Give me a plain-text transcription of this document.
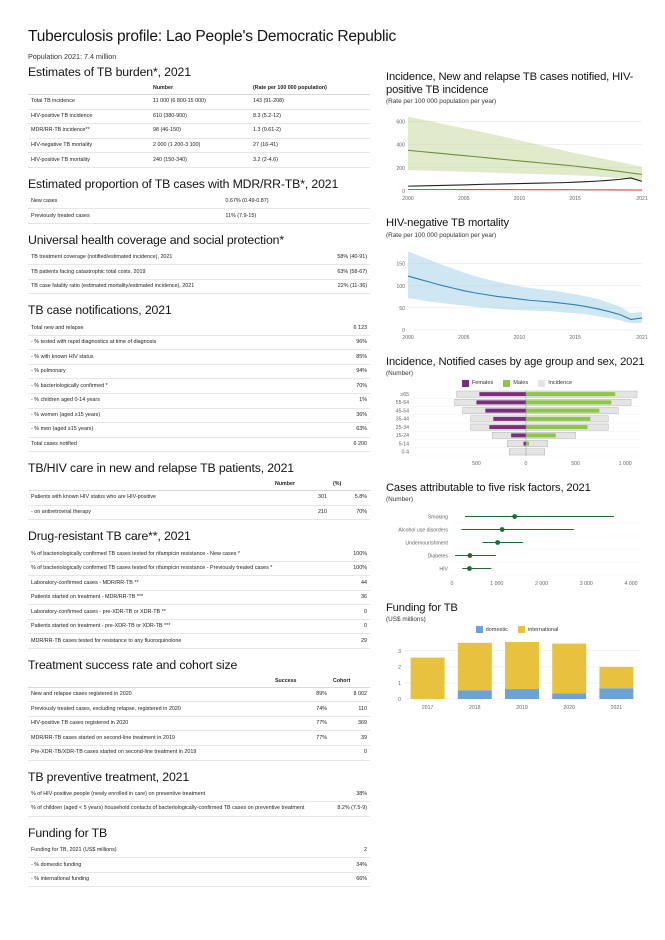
Tuberculosis profile: Lao People's Democratic Republic
Population 2021: 7.4 million
Estimates of TB burden*, 2021
	Number	(Rate per 100 000 population)
Total TB incidence	11 000 (6 800-15 000)	143 (91-208)
HIV-positive TB incidence	610 (380-900)	8.3 (5.2-12)
MDR/RR-TB incidence**	98 (46-150)	1.3 (0.61-2)
HIV-negative TB mortality	2 000 (1 200-3 100)	27 (16-41)
HIV-positive TB mortality	240 (150-340)	3.2 (2-4.6)
Estimated proportion of TB cases with MDR/RR-TB*, 2021
New cases	0.67% (0.49-0.87)
Previously treated cases	11% (7.9-15)
Universal health coverage and social protection*
TB treatment coverage (notified/estimated incidence), 2021	58% (40-91)
TB patients facing catastrophic total costs, 2019	63% (58-67)
TB case fatality ratio (estimated mortality/estimated incidence), 2021	22% (11-36)
TB case notifications, 2021
Total new and relapse	6 123
- % tested with rapid diagnostics at time of diagnosis	96%
- % with known HIV status	85%
- % pulmonary	94%
- % bacteriologically confirmed *	70%
- % children aged 0-14 years	1%
- % women (aged ≥15 years)	36%
- % men (aged ≥15 years)	63%
Total cases notified	6 200
TB/HIV care in new and relapse TB patients, 2021
	Number	(%)
Patients with known HIV status who are HIV-positive	301	5.8%
- on antiretroviral therapy	210	70%
Drug-resistant TB care**, 2021
% of bacteriologically confirmed TB cases tested for rifampicin resistance - New cases *	100%
% of bacteriologically confirmed TB cases tested for rifampicin resistance - Previously treated cases *	100%
Laboratory-confirmed cases - MDR/RR-TB **	44
Patients started on treatment - MDR/RR-TB ***	36
Laboratory-confirmed cases - pre-XDR-TB or XDR-TB **	0
Patients started on treatment - pre-XDR-TB or XDR-TB ***	0
MDR/RR-TB cases tested for resistance to any fluoroquinolone	29
Treatment success rate and cohort size
	Success	Cohort
New and relapse cases registered in 2020	89%	8 002
Previously treated cases, excluding relapse, registered in 2020	74%	110
HIV-positive TB cases registered in 2020	77%	369
MDR/RR-TB cases started on second-line treatment in 2019	77%	39
Pre-XDR-TB/XDR-TB cases started on second-line treatment in 2019		0
TB preventive treatment, 2021
% of HIV-positive people (newly enrolled in care) on preventive treatment	38%
% of children (aged < 5 years) household contacts of bacteriologically-confirmed TB cases on preventive treatment	8.2% (7.5-9)
Funding for TB
Funding for TB, 2021 (US$ millions)	2
- % domestic funding	34%
- % international funding	66%
Incidence, New and relapse TB cases notified, HIV-positive TB incidence
(Rate per 100 000 population per year)
0
200
400
600
2000	2005	2010	2015	2021
HIV-negative TB mortality
(Rate per 100 000 population per year)
0
50
100
150
2000	2005	2010	2015	2021
Incidence, Notified cases by age group and sex, 2021
(Number)
Females	Males	Incidence
≥65
55-64
45-54
35-44
25-34
15-24
5-14
0-4
500	0	500	1 000
Cases attributable to five risk factors, 2021
(Number)
Smoking
Alcohol use disorders
Undernourishment
Diabetes
HIV
0	1 000	2 000	3 000	4 000
Funding for TB
(US$ millions)
domestic	international
0
1
2
3
2017	2018	2019	2020	2021
